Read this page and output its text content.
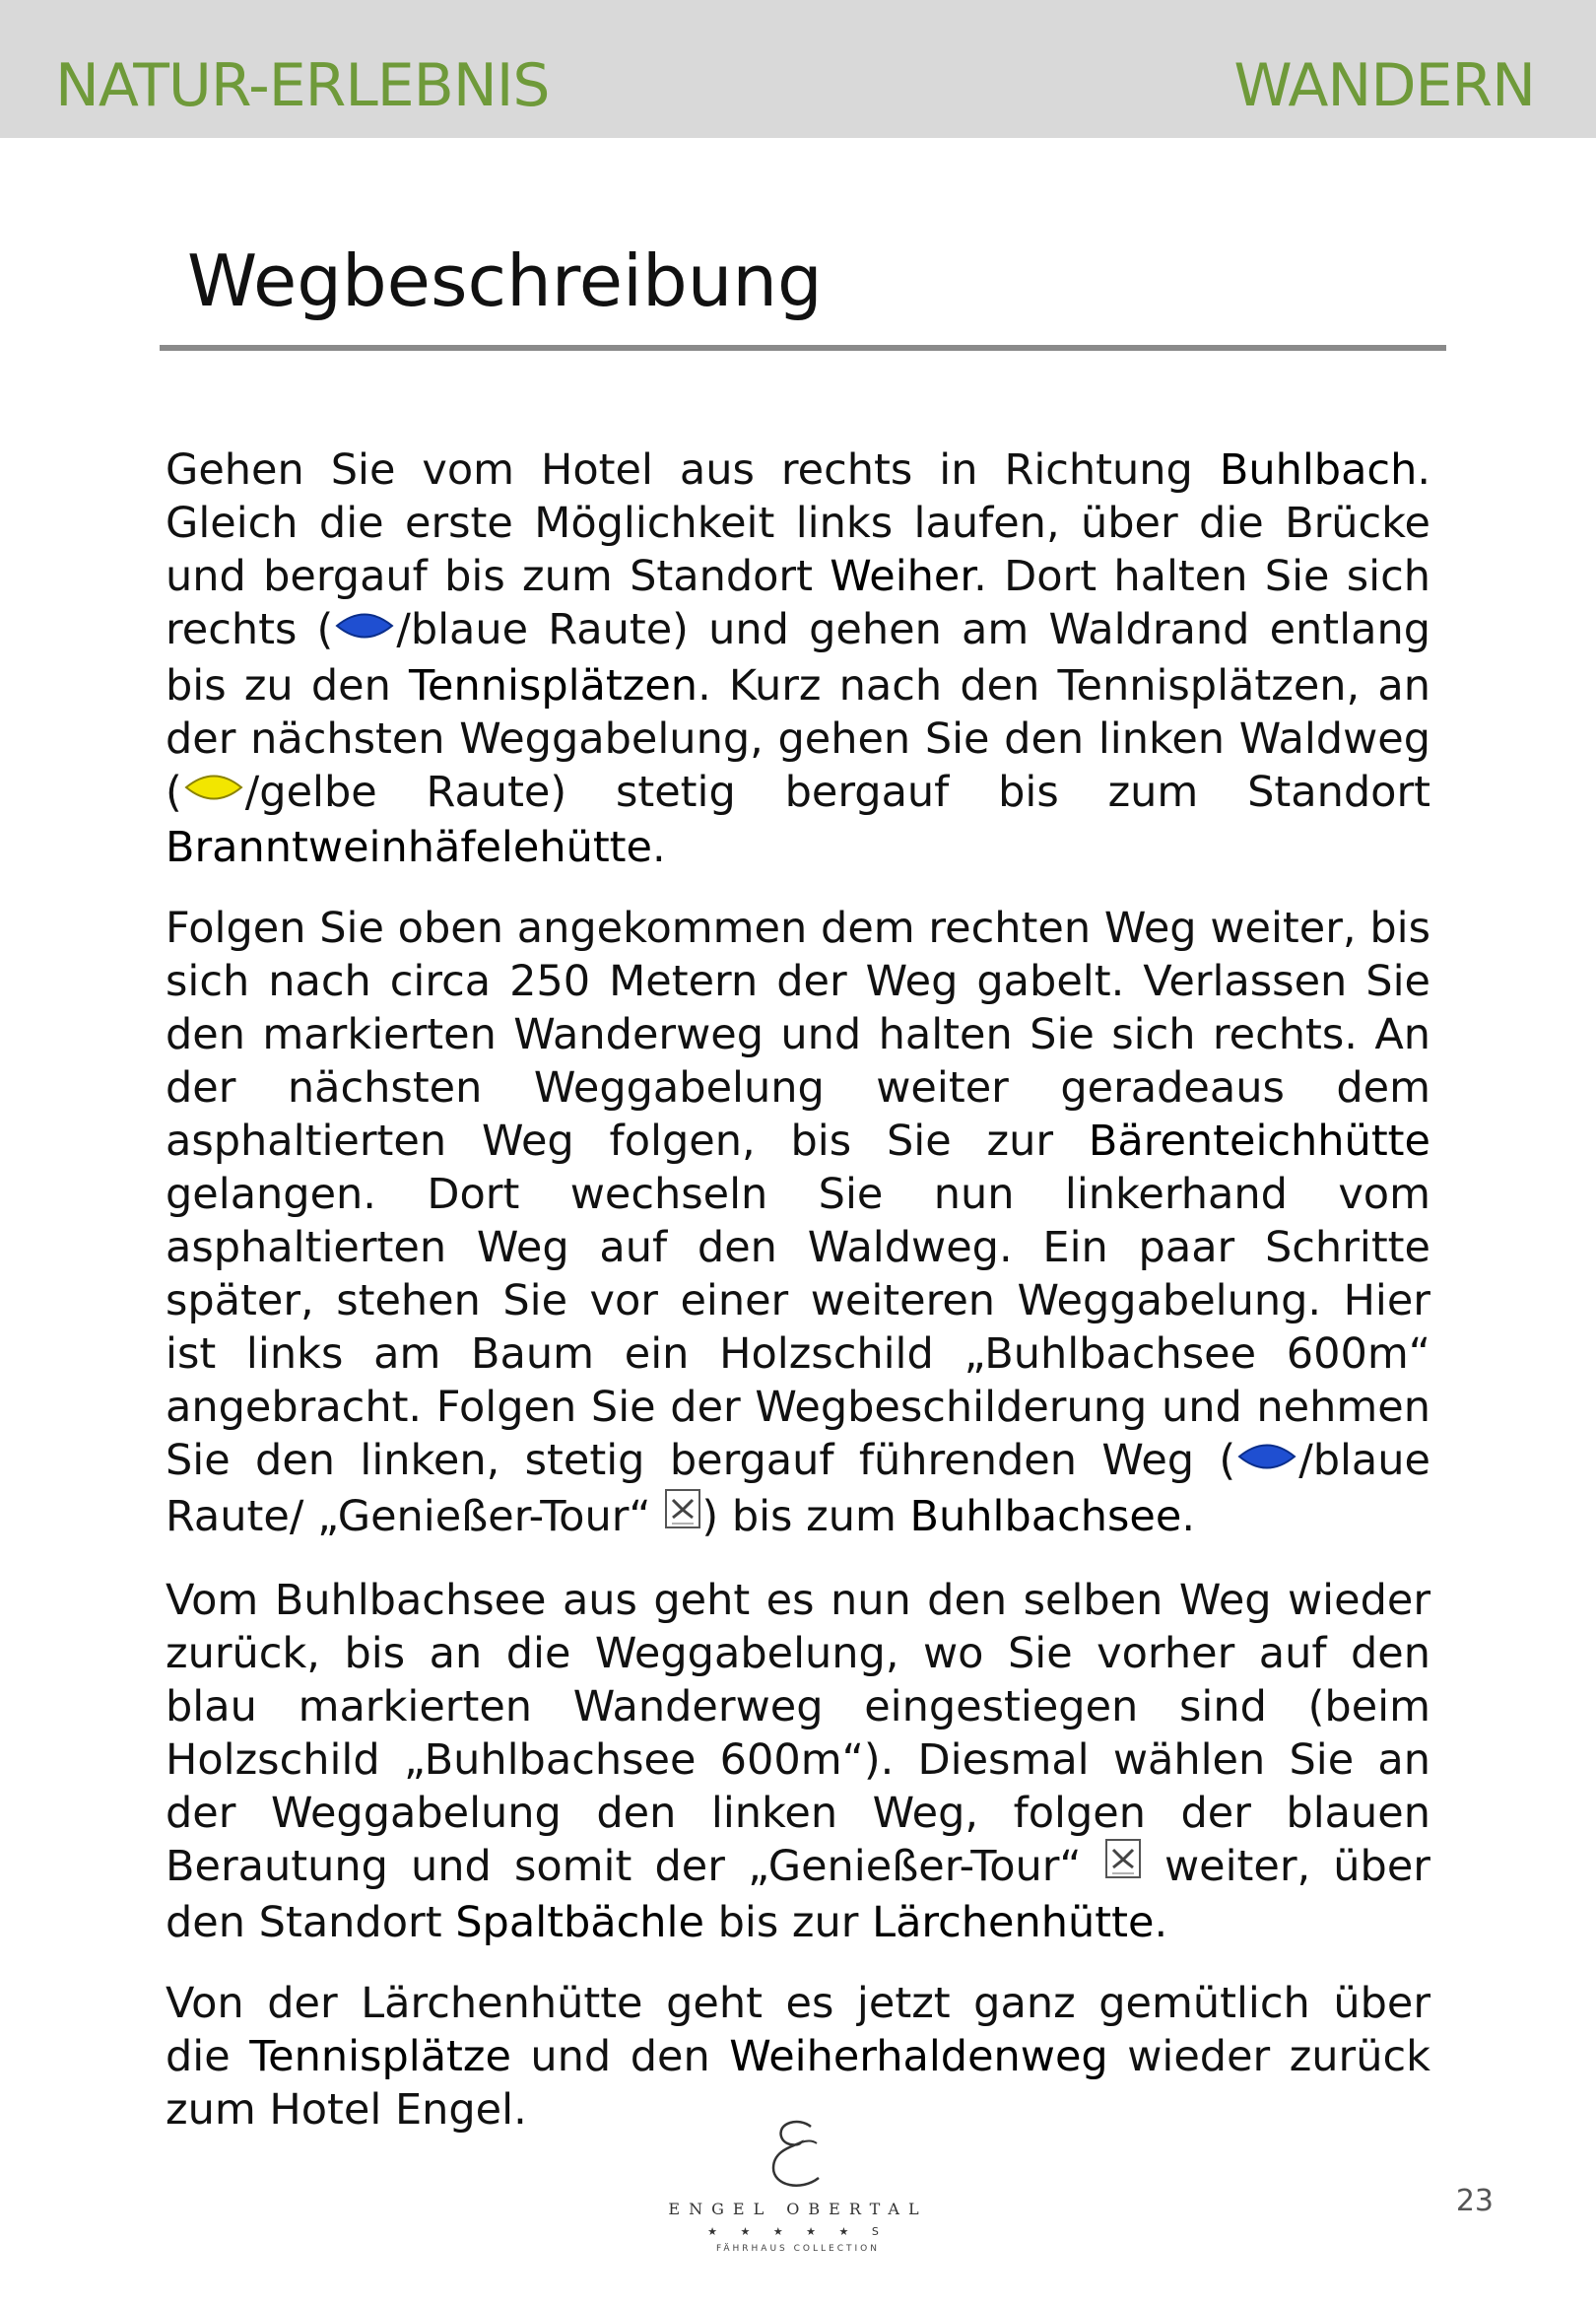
NATUR-ERLEBNIS	WANDERN
Wegbeschreibung

Gehen Sie vom Hotel aus rechts in Richtung Buhlbach. Gleich die erste Möglichkeit links laufen, über die Brücke und bergauf bis zum Standort Weiher. Dort halten Sie sich rechts ( /blaue Raute) und gehen am Waldrand entlang bis zu den Tennisplätzen. Kurz nach den Tennisplätzen, an der nächsten Weggabelung, gehen Sie den linken Waldweg ( /gelbe Raute) stetig bergauf bis zum Standort Branntweinhäfelehütte.

Folgen Sie oben angekommen dem rechten Weg weiter, bis sich nach circa 250 Metern der Weg gabelt. Verlassen Sie den markierten Wanderweg und halten Sie sich rechts. An der nächsten Weggabelung weiter geradeaus dem asphaltierten Weg folgen, bis Sie zur Bärenteichhütte gelangen. Dort wechseln Sie nun linkerhand vom asphaltierten Weg auf den Waldweg. Ein paar Schritte später, stehen Sie vor einer weiteren Weggabelung. Hier ist links am Baum ein Holzschild „Buhlbachsee 600m“ angebracht. Folgen Sie der Wegbeschilderung und nehmen Sie den linken, stetig bergauf führenden Weg ( /blaue Raute/ „Genießer-Tour“ ) bis zum Buhlbachsee.

Vom Buhlbachsee aus geht es nun den selben Weg wieder zurück, bis an die Weggabelung, wo Sie vorher auf den blau markierten Wanderweg eingestiegen sind (beim Holzschild „Buhlbachsee 600m“). Diesmal wählen Sie an der Weggabelung den linken Weg, folgen der blauen Berautung und somit der „Genießer-Tour“  weiter, über den Standort Spaltbächle bis zur Lärchenhütte.

Von der Lärchenhütte geht es jetzt ganz gemütlich über die Tennisplätze und den Weiherhaldenweg wieder zurück zum Hotel Engel.

ENGEL OBERTAL
★ ★ ★ ★ ★ S
FÄHRHAUS COLLECTION
23
